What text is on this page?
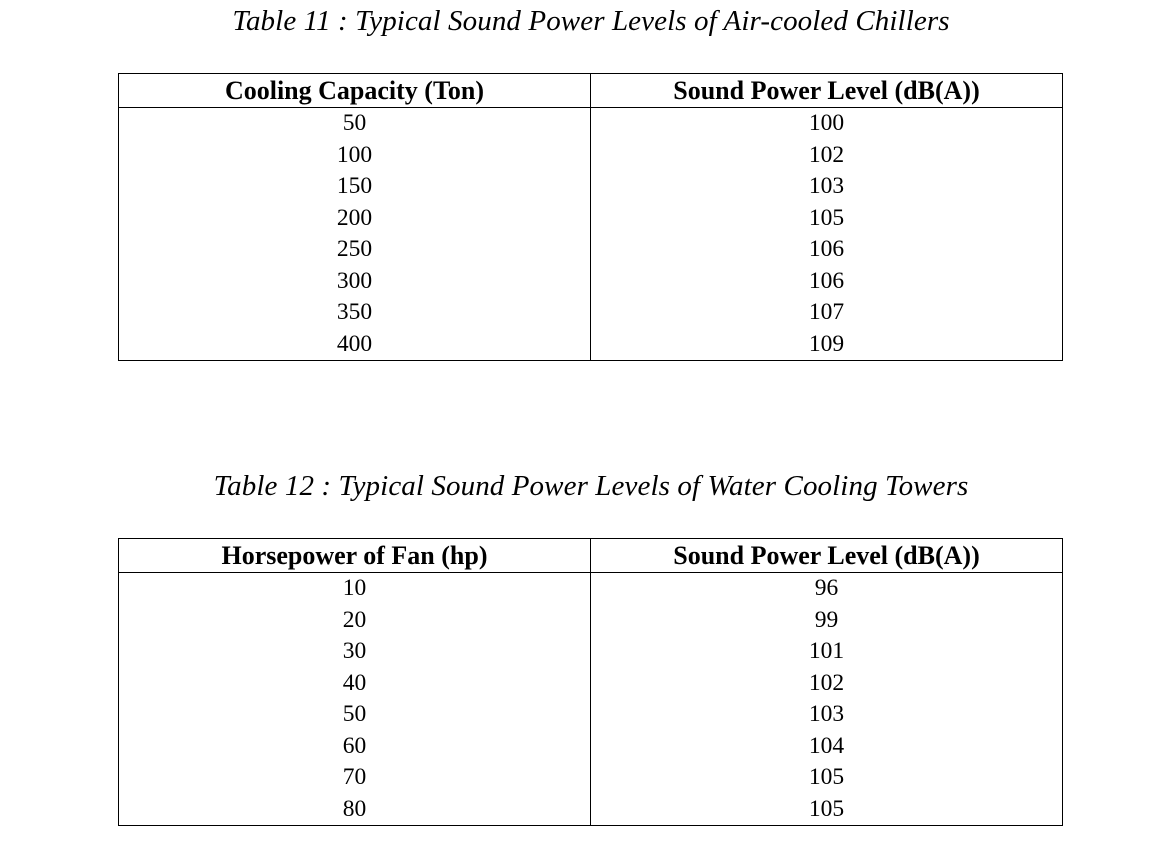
Table 11 : Typical Sound Power Levels of Air-cooled Chillers
Cooling Capacity (Ton)	Sound Power Level (dB(A))
50	100
100	102
150	103
200	105
250	106
300	106
350	107
400	109
Table 12 : Typical Sound Power Levels of Water Cooling Towers
Horsepower of Fan (hp)	Sound Power Level (dB(A))
10	96
20	99
30	101
40	102
50	103
60	104
70	105
80	105
